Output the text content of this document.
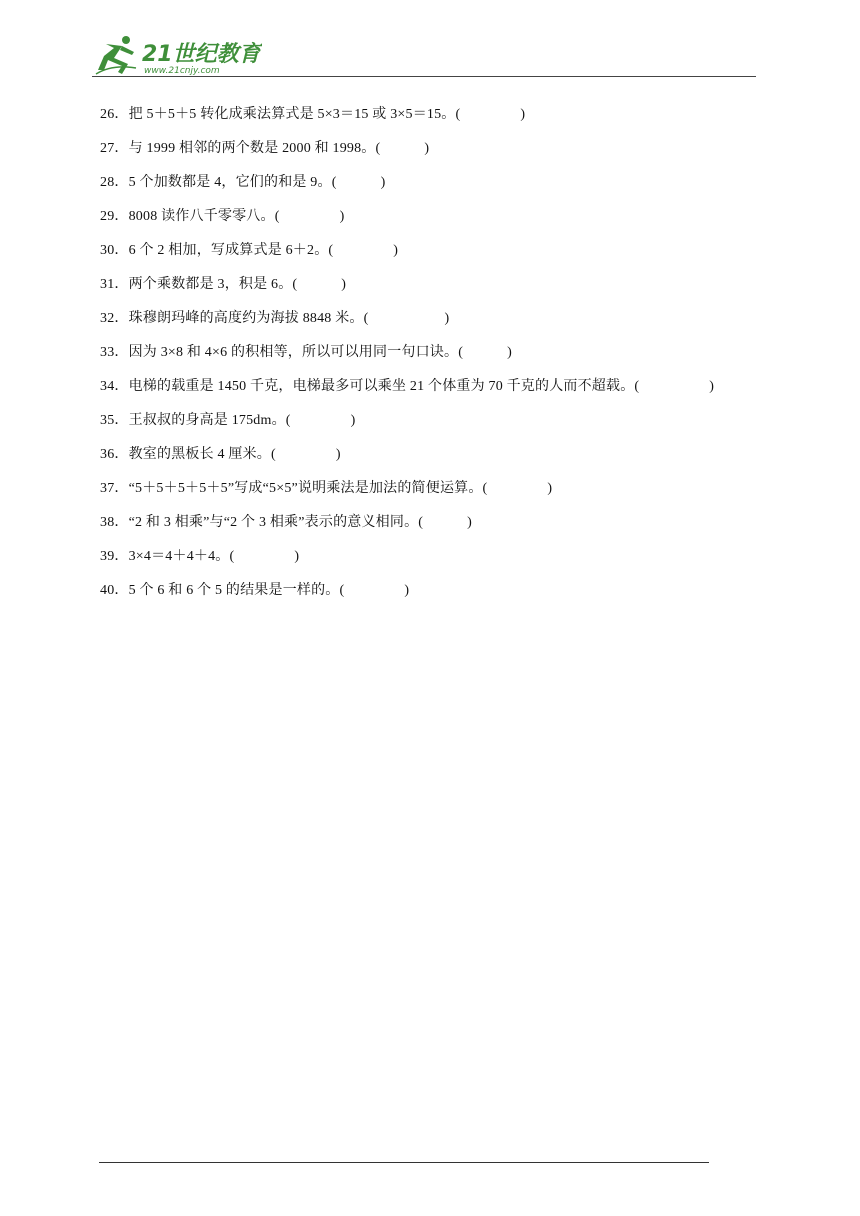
21世纪教育
www.21cnjy.com
26．把 5＋5＋5 转化成乘法算式是 5×3＝15 或 3×5＝15。(	)
27．与 1999 相邻的两个数是 2000 和 1998。(	)
28．5 个加数都是 4，它们的和是 9。(	)
29．8008 读作八千零零八。(	)
30．6 个 2 相加，写成算式是 6＋2。(	)
31．两个乘数都是 3，积是 6。(	)
32．珠穆朗玛峰的高度约为海拔 8848 米。(	)
33．因为 3×8 和 4×6 的积相等，所以可以用同一句口诀。(	)
34．电梯的载重是 1450 千克，电梯最多可以乘坐 21 个体重为 70 千克的人而不超载。(	)
35．王叔叔的身高是 175dm。(	)
36．教室的黑板长 4 厘米。(	)
37．“5＋5＋5＋5＋5”写成“5×5”说明乘法是加法的简便运算。(	)
38．“2 和 3 相乘”与“2 个 3 相乘”表示的意义相同。(	)
39．3×4＝4＋4＋4。(	)
40．5 个 6 和 6 个 5 的结果是一样的。(	)
